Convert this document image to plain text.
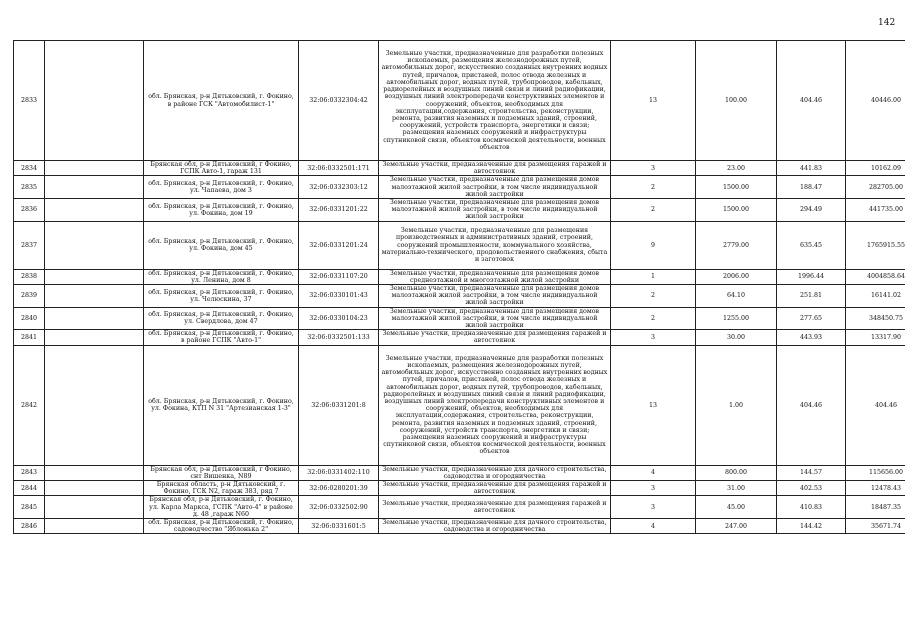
142
2833		обл. Брянская, р-н Дятьковский, г. Фокино, в районе ГСК "Автомобилист-1"	32:06:0332304:42	Земельные участки, предназначенные для разработки полезных ископаемых, размещения железнодорожных путей, автомобильных дорог, искусственно созданных внутренних водных путей, причалов, пристаней, полос отвода железных и автомобильных дорог, водных путей, трубопроводов, кабельных, радиорелейных и воздушных линий связи и линий радиофикации, воздушных линий электропередачи конструктивных элементов и сооружений, объектов, необходимых для эксплуатации,содержания, строительства, реконструкции, ремонта, развития наземных и подземных зданий, строений, сооружений, устройств транспорта, энергетики и связи; размещения наземных сооружений и инфраструктуры спутниковой связи, объектов космической деятельности, военных объектов	13	100.00	404.46	40446.00
2834		Брянская обл, р-н Дятьковский, г Фокино, ГСПК Авто-1, гараж 131	32:06:0332501:171	Земельные участки, предназначенные для размещения гаражей и автостоянок	3	23.00	441.83	10162.09
2835		обл. Брянская, р-н Дятьковский, г. Фокино, ул. Чапаева, дом 3	32:06:0332303:12	Земельные участки, предназначенные для размещения домов малоэтажной жилой застройки, в том числе индивидуальной жилой застройки	2	1500.00	188.47	282705.00
2836		обл. Брянская, р-н Дятьковский, г. Фокино, ул. Фокина, дом 19	32:06:0331201:22	Земельные участки, предназначенные для размещения домов малоэтажной жилой застройки, в том числе индивидуальной жилой застройки	2	1500.00	294.49	441735.00
2837		обл. Брянская, р-н Дятьковский, г. Фокино, ул. Фокина, дом 45	32:06:0331201:24	Земельные участки, предназначенные для размещения производственных и административных зданий, строений, сооружений промышленности, коммунального хозяйства, материально-технического, продовольственного снабжения, сбыта и заготовок	9	2779.00	635.45	1765915.55
2838		обл. Брянская, р-н Дятьковский, г. Фокино, ул. Ленина, дом 8	32:06:0331107:20	Земельные участки, предназначенные для размещения домов среднеэтажной и многоэтажной жилой застройки	1	2006.00	1996.44	4004858.64
2839		обл. Брянская, р-н Дятьковский, г. Фокино, ул. Челюскина, 37	32:06:0330101:43	Земельные участки, предназначенные для размещения домов малоэтажной жилой застройки, в том числе индивидуальной жилой застройки	2	64.10	251.81	16141.02
2840		обл. Брянская, р-н Дятьковский, г. Фокино, ул. Свердлова, дом 47	32:06:0330104:23	Земельные участки, предназначенные для размещения домов малоэтажной жилой застройки, в том числе индивидуальной жилой застройки	2	1255.00	277.65	348450.75
2841		обл. Брянская, р-н Дятьковский, г. Фокино, в районе ГСПК "Авто-1"	32:06:0332501:133	Земельные участки, предназначенные для размещения гаражей и автостоянок	3	30.00	443.93	13317.90
2842		обл. Брянская, р-н Дятьковский, г. Фокино, ул. Фокина, КТП N 31 "Артезианская 1-3"	32:06:0331201:8	Земельные участки, предназначенные для разработки полезных ископаемых, размещения железнодорожных путей, автомобильных дорог, искусственно созданных внутренних водных путей, причалов, пристаней, полос отвода железных и автомобильных дорог, водных путей, трубопроводов, кабельных, радиорелейных и воздушных линий связи и линий радиофикации, воздушных линий электропередачи конструктивных элементов и сооружений, объектов, необходимых для эксплуатации,содержания, строительства, реконструкции, ремонта, развития наземных и подземных зданий, строений, сооружений, устройств транспорта, энергетики и связи; размещения наземных сооружений и инфраструктуры спутниковой связи, объектов космической деятельности, военных объектов	13	1.00	404.46	404.46
2843		Брянская обл, р-н Дятьковский, г Фокино, снт Вишенка, N89	32:06:0331402:110	Земельные участки, предназначенные для дачного строительства, садоводства и огородничества	4	800.00	144.57	115656.00
2844		Брянская область, р-н Дятьковский, г. Фокино, ГСК N2, гараж 383, ряд 7	32:06:0280201:39	Земельные участки, предназначенные для размещения гаражей и автостоянок	3	31.00	402.53	12478.43
2845		Брянская обл, р-н Дятьковский, г. Фокино, ул. Карла Маркса, ГСПК "Авто-4" в районе д. 48 ,гараж N60	32:06:0332502:90	Земельные участки, предназначенные для размещения гаражей и автостоянок	3	45.00	410.83	18487.35
2846		обл. Брянская, р-н Дятьковский, г. Фокино, садоводчество "Яблонька 2"	32:06:0331601:5	Земельные участки, предназначенные для дачного строительства, садоводства и огородничества	4	247.00	144.42	35671.74
